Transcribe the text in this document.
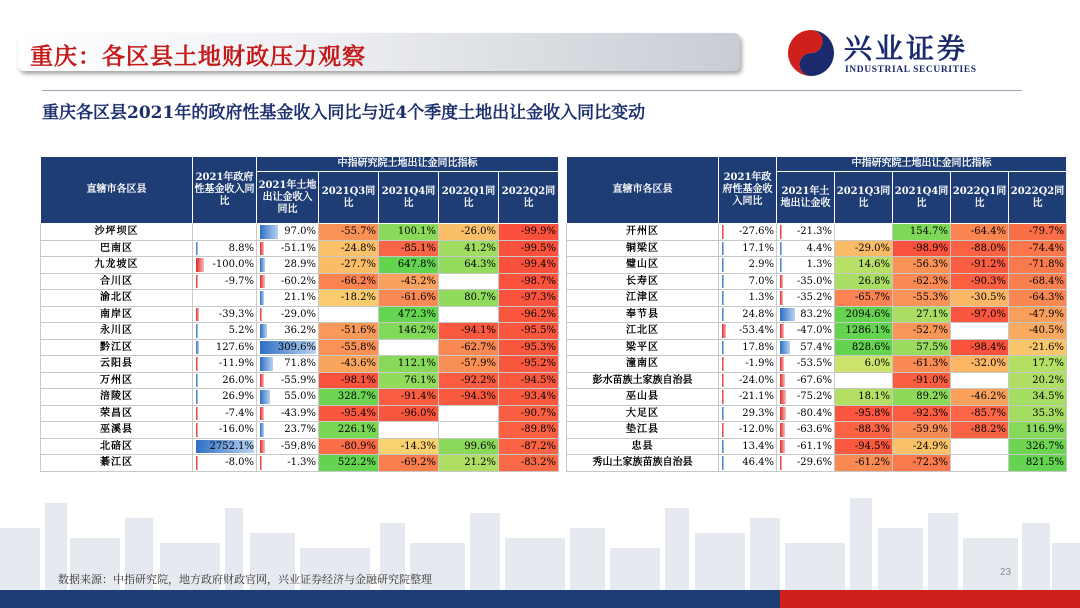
重庆：各区县土地财政压力观察	兴业证券
INDUSTRIAL SECURITIES
重庆各区县2021年的政府性基金收入同比与近4个季度土地出让金收入同比变动
直辖市各区县	2021年政府性基金收入同比	中指研究院土地出让金同比指标				
		2021年土地出让金收入同比	2021Q3同比	2021Q4同比	2022Q1同比	2022Q2同比
沙坪坝区		97.0%	-55.7%	100.1%	-26.0%	-99.9%
巴南区	8.8%	-51.1%	-24.8%	-85.1%	41.2%	-99.5%
九龙坡区	-100.0%	28.9%	-27.7%	647.8%	64.3%	-99.4%
合川区	-9.7%	-60.2%	-66.2%	-45.2%		-98.7%
渝北区		21.1%	-18.2%	-61.6%	80.7%	-97.3%
南岸区	-39.3%	-29.0%		472.3%		-96.2%
永川区	5.2%	36.2%	-51.6%	146.2%	-94.1%	-95.5%
黔江区	127.6%	309.6%	-55.8%		-62.7%	-95.3%
云阳县	-11.9%	71.8%	-43.6%	112.1%	-57.9%	-95.2%
万州区	26.0%	-55.9%	-98.1%	76.1%	-92.2%	-94.5%
涪陵区	26.9%	55.0%	328.7%	-91.4%	-94.3%	-93.4%
荣昌区	-7.4%	-43.9%	-95.4%	-96.0%		-90.7%
巫溪县	-16.0%	23.7%	226.1%			-89.8%
北碚区	2752.1%	-59.8%	-80.9%	-14.3%	99.6%	-87.2%
綦江区	-8.0%	-1.3%	522.2%	-69.2%	21.2%	-83.2%
直辖市各区县	2021年政府性基金收入同比	中指研究院土地出让金同比指标				
		2021年土地出让金收	2021Q3同比	2021Q4同比	2022Q1同比	2022Q2同比
开州区	-27.6%	-21.3%		154.7%	-64.4%	-79.7%
铜梁区	17.1%	4.4%	-29.0%	-98.9%	-88.0%	-74.4%
璧山区	2.9%	1.3%	14.6%	-56.3%	-91.2%	-71.8%
长寿区	7.0%	-35.0%	26.8%	-62.3%	-90.3%	-68.4%
江津区	1.3%	-35.2%	-65.7%	-55.3%	-30.5%	-64.3%
奉节县	24.8%	83.2%	2094.6%	27.1%	-97.0%	-47.9%
江北区	-53.4%	-47.0%	1286.1%	-52.7%		-40.5%
梁平区	17.8%	57.4%	828.6%	57.5%	-98.4%	-21.6%
潼南区	-1.9%	-53.5%	6.0%	-61.3%	-32.0%	17.7%
彭水苗族土家族自治县	-24.0%	-67.6%		-91.0%		20.2%
巫山县	-21.1%	-75.2%	18.1%	89.2%	-46.2%	34.5%
大足区	29.3%	-80.4%	-95.8%	-92.3%	-85.7%	35.3%
垫江县	-12.0%	-63.6%	-88.3%	-59.9%	-88.2%	116.9%
忠县	13.4%	-61.1%	-94.5%	-24.9%		326.7%
秀山土家族苗族自治县	46.4%	-29.6%	-61.2%	-72.3%		821.5%
数据来源：中指研究院，地方政府财政官网，兴业证券经济与金融研究院整理
23
